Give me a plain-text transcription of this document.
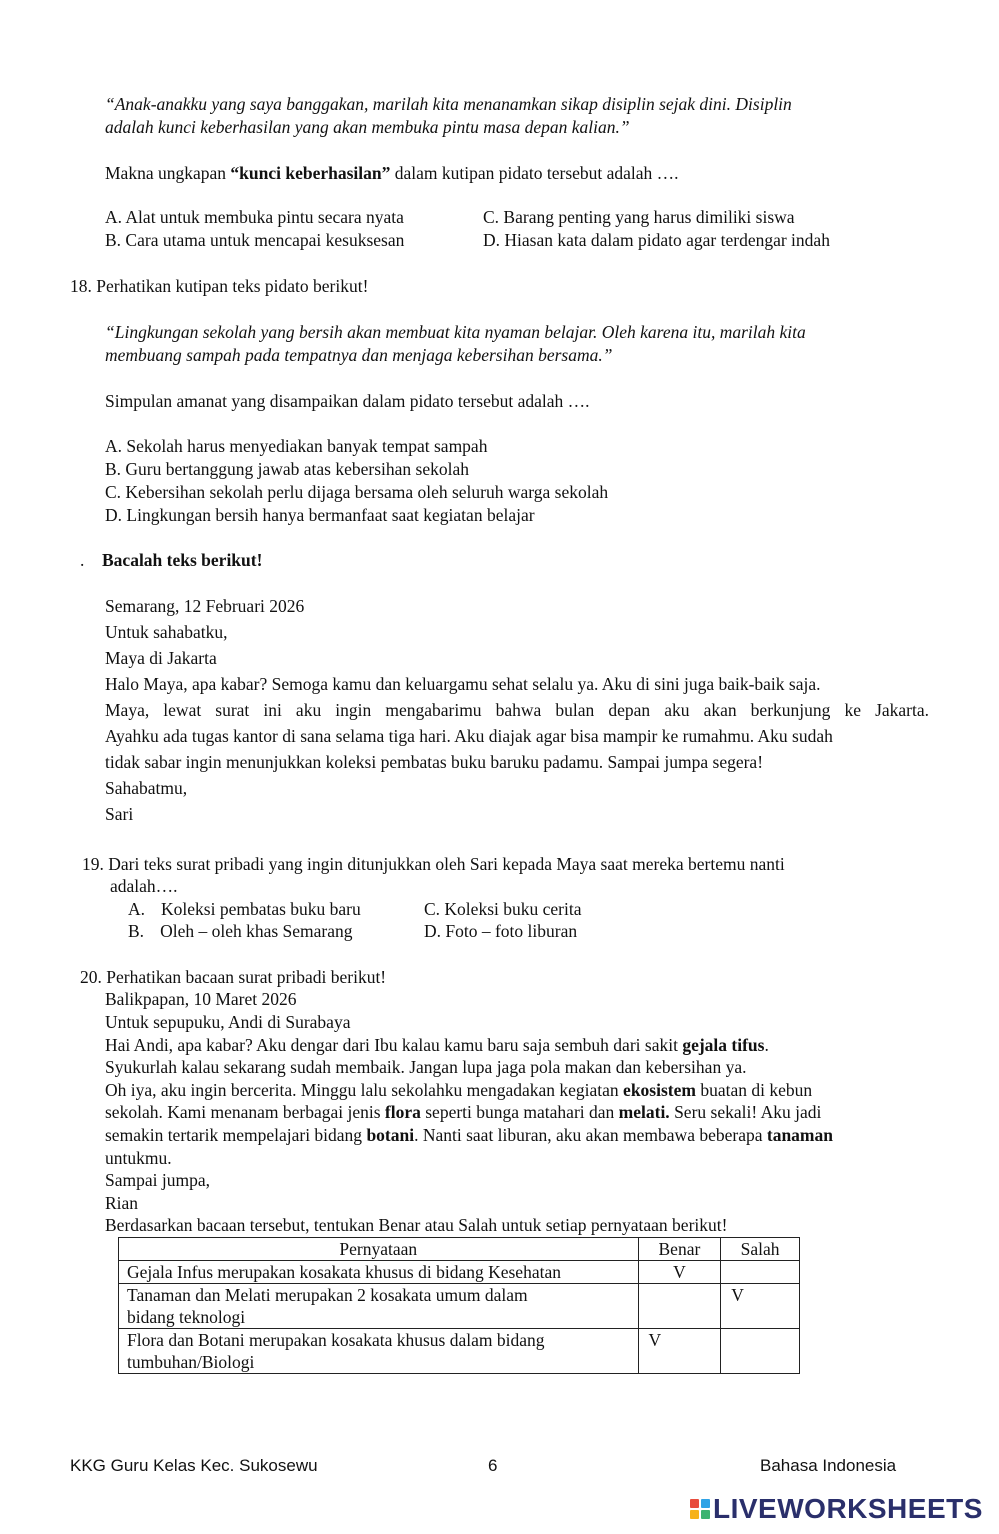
“Anak-anakku yang saya banggakan, marilah kita menanamkan sikap disiplin sejak dini. Disiplin
adalah kunci keberhasilan yang akan membuka pintu masa depan kalian.”
Makna ungkapan “kunci keberhasilan” dalam kutipan pidato tersebut adalah ….
A. Alat untuk membuka pintu secara nyata
B. Cara utama untuk mencapai kesuksesan
C. Barang penting yang harus dimiliki siswa
D. Hiasan kata dalam pidato agar terdengar indah
18. Perhatikan kutipan teks pidato berikut!
“Lingkungan sekolah yang bersih akan membuat kita nyaman belajar. Oleh karena itu, marilah kita
membuang sampah pada tempatnya dan menjaga kebersihan bersama.”
Simpulan amanat yang disampaikan dalam pidato tersebut adalah ….
A. Sekolah harus menyediakan banyak tempat sampah
B. Guru bertanggung jawab atas kebersihan sekolah
C. Kebersihan sekolah perlu dijaga bersama oleh seluruh warga sekolah
D. Lingkungan bersih hanya bermanfaat saat kegiatan belajar
. Bacalah teks berikut!
Semarang, 12 Februari 2026
Untuk sahabatku,
Maya di Jakarta
Halo Maya, apa kabar? Semoga kamu dan keluargamu sehat selalu ya. Aku di sini juga baik-baik saja.
Maya, lewat surat ini aku ingin mengabarimu bahwa bulan depan aku akan berkunjung ke Jakarta.
Ayahku ada tugas kantor di sana selama tiga hari. Aku diajak agar bisa mampir ke rumahmu. Aku sudah
tidak sabar ingin menunjukkan koleksi pembatas buku baruku padamu. Sampai jumpa segera!
Sahabatmu,
Sari
19. Dari teks surat pribadi yang ingin ditunjukkan oleh Sari kepada Maya saat mereka bertemu nanti
adalah….
A. Koleksi pembatas buku baru
B. Oleh – oleh khas Semarang
C. Koleksi buku cerita
D. Foto – foto liburan
20. Perhatikan bacaan surat pribadi berikut!
Balikpapan, 10 Maret 2026
Untuk sepupuku, Andi di Surabaya
Hai Andi, apa kabar? Aku dengar dari Ibu kalau kamu baru saja sembuh dari sakit gejala tifus.
Syukurlah kalau sekarang sudah membaik. Jangan lupa jaga pola makan dan kebersihan ya.
Oh iya, aku ingin bercerita. Minggu lalu sekolahku mengadakan kegiatan ekosistem buatan di kebun
sekolah. Kami menanam berbagai jenis flora seperti bunga matahari dan melati. Seru sekali! Aku jadi
semakin tertarik mempelajari bidang botani. Nanti saat liburan, aku akan membawa beberapa tanaman
untukmu.
Sampai jumpa,
Rian
Berdasarkan bacaan tersebut, tentukan Benar atau Salah untuk setiap pernyataan berikut!
Pernyataan	Benar	Salah
Gejala Infus merupakan kosakata khusus di bidang Kesehatan	V	

Tanaman dan Melati merupakan 2 kosakata umum dalam
bidang teknologi		V

Flora dan Botani merupakan kosakata khusus dalam bidang
tumbuhan/Biologi	V	
KKG Guru Kelas Kec. Sukosewu	6	Bahasa Indonesia
LIVEWORKSHEETS
